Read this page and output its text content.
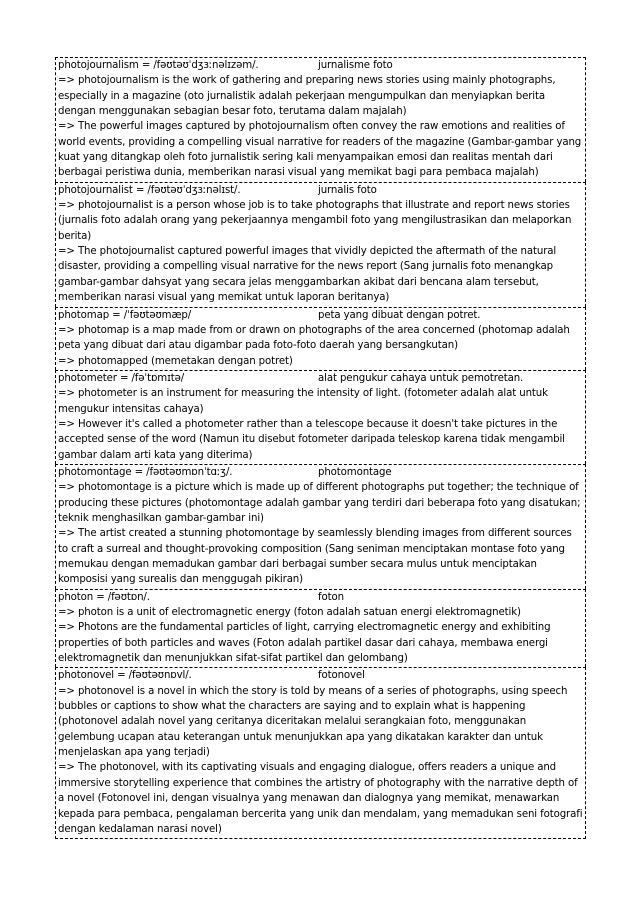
photojournalism = /fəʊtəʊˈdʒɜːnəlɪzəm/.	jurnalisme foto
=> photojournalism is the work of gathering and preparing news stories using mainly photographs, especially in a magazine (oto jurnalistik adalah pekerjaan mengumpulkan dan menyiapkan berita dengan menggunakan sebagian besar foto, terutama dalam majalah)
=> The powerful images captured by photojournalism often convey the raw emotions and realities of world events, providing a compelling visual narrative for readers of the magazine (Gambar-gambar yang kuat yang ditangkap oleh foto jurnalistik sering kali menyampaikan emosi dan realitas mentah dari berbagai peristiwa dunia, memberikan narasi visual yang memikat bagi para pembaca majalah)
photojournalist = /fəʊtəʊˈdʒɜːnəlɪst/.	jurnalis foto
=> photojournalist is a person whose job is to take photographs that illustrate and report news stories (jurnalis foto adalah orang yang pekerjaannya mengambil foto yang mengilustrasikan dan melaporkan berita)
=> The photojournalist captured powerful images that vividly depicted the aftermath of the natural disaster, providing a compelling visual narrative for the news report (Sang jurnalis foto menangkap gambar-gambar dahsyat yang secara jelas menggambarkan akibat dari bencana alam tersebut, memberikan narasi visual yang memikat untuk laporan beritanya)
photomap = /ˈfəʊtəʊmæp/	peta yang dibuat dengan potret.
=> photomap is a map made from or drawn on photographs of the area concerned (photomap adalah peta yang dibuat dari atau digambar pada foto-foto daerah yang bersangkutan)
=> photomapped (memetakan dengan potret)
photometer = /fəˈtɒmɪtə/	alat pengukur cahaya untuk pemotretan.
=> photometer is an instrument for measuring the intensity of light. (fotometer adalah alat untuk mengukur intensitas cahaya)
=> However it's called a photometer rather than a telescope because it doesn't take pictures in the accepted sense of the word (Namun itu disebut fotometer daripada teleskop karena tidak mengambil gambar dalam arti kata yang diterima)
photomontage = /fəʊtəʊmɒnˈtɑːʒ/.	photomontage
=> photomontage is a picture which is made up of different photographs put together; the technique of producing these pictures (photomontage adalah gambar yang terdiri dari beberapa foto yang disatukan; teknik menghasilkan gambar-gambar ini)
=> The artist created a stunning photomontage by seamlessly blending images from different sources to craft a surreal and thought-provoking composition (Sang seniman menciptakan montase foto yang memukau dengan memadukan gambar dari berbagai sumber secara mulus untuk menciptakan komposisi yang surealis dan menggugah pikiran)
photon = /fəʊtɒn/.	foton
=> photon is a unit of electromagnetic energy (foton adalah satuan energi elektromagnetik)
=> Photons are the fundamental particles of light, carrying electromagnetic energy and exhibiting properties of both particles and waves (Foton adalah partikel dasar dari cahaya, membawa energi elektromagnetik dan menunjukkan sifat-sifat partikel dan gelombang)
photonovel = /fəʊtəʊnɒvl/.	fotonovel
=> photonovel is a novel in which the story is told by means of a series of photographs, using speech bubbles or captions to show what the characters are saying and to explain what is happening (photonovel adalah novel yang ceritanya diceritakan melalui serangkaian foto, menggunakan gelembung ucapan atau keterangan untuk menunjukkan apa yang dikatakan karakter dan untuk menjelaskan apa yang terjadi)
=> The photonovel, with its captivating visuals and engaging dialogue, offers readers a unique and immersive storytelling experience that combines the artistry of photography with the narrative depth of a novel (Fotonovel ini, dengan visualnya yang menawan dan dialognya yang memikat, menawarkan kepada para pembaca, pengalaman bercerita yang unik dan mendalam, yang memadukan seni fotografi dengan kedalaman narasi novel)
